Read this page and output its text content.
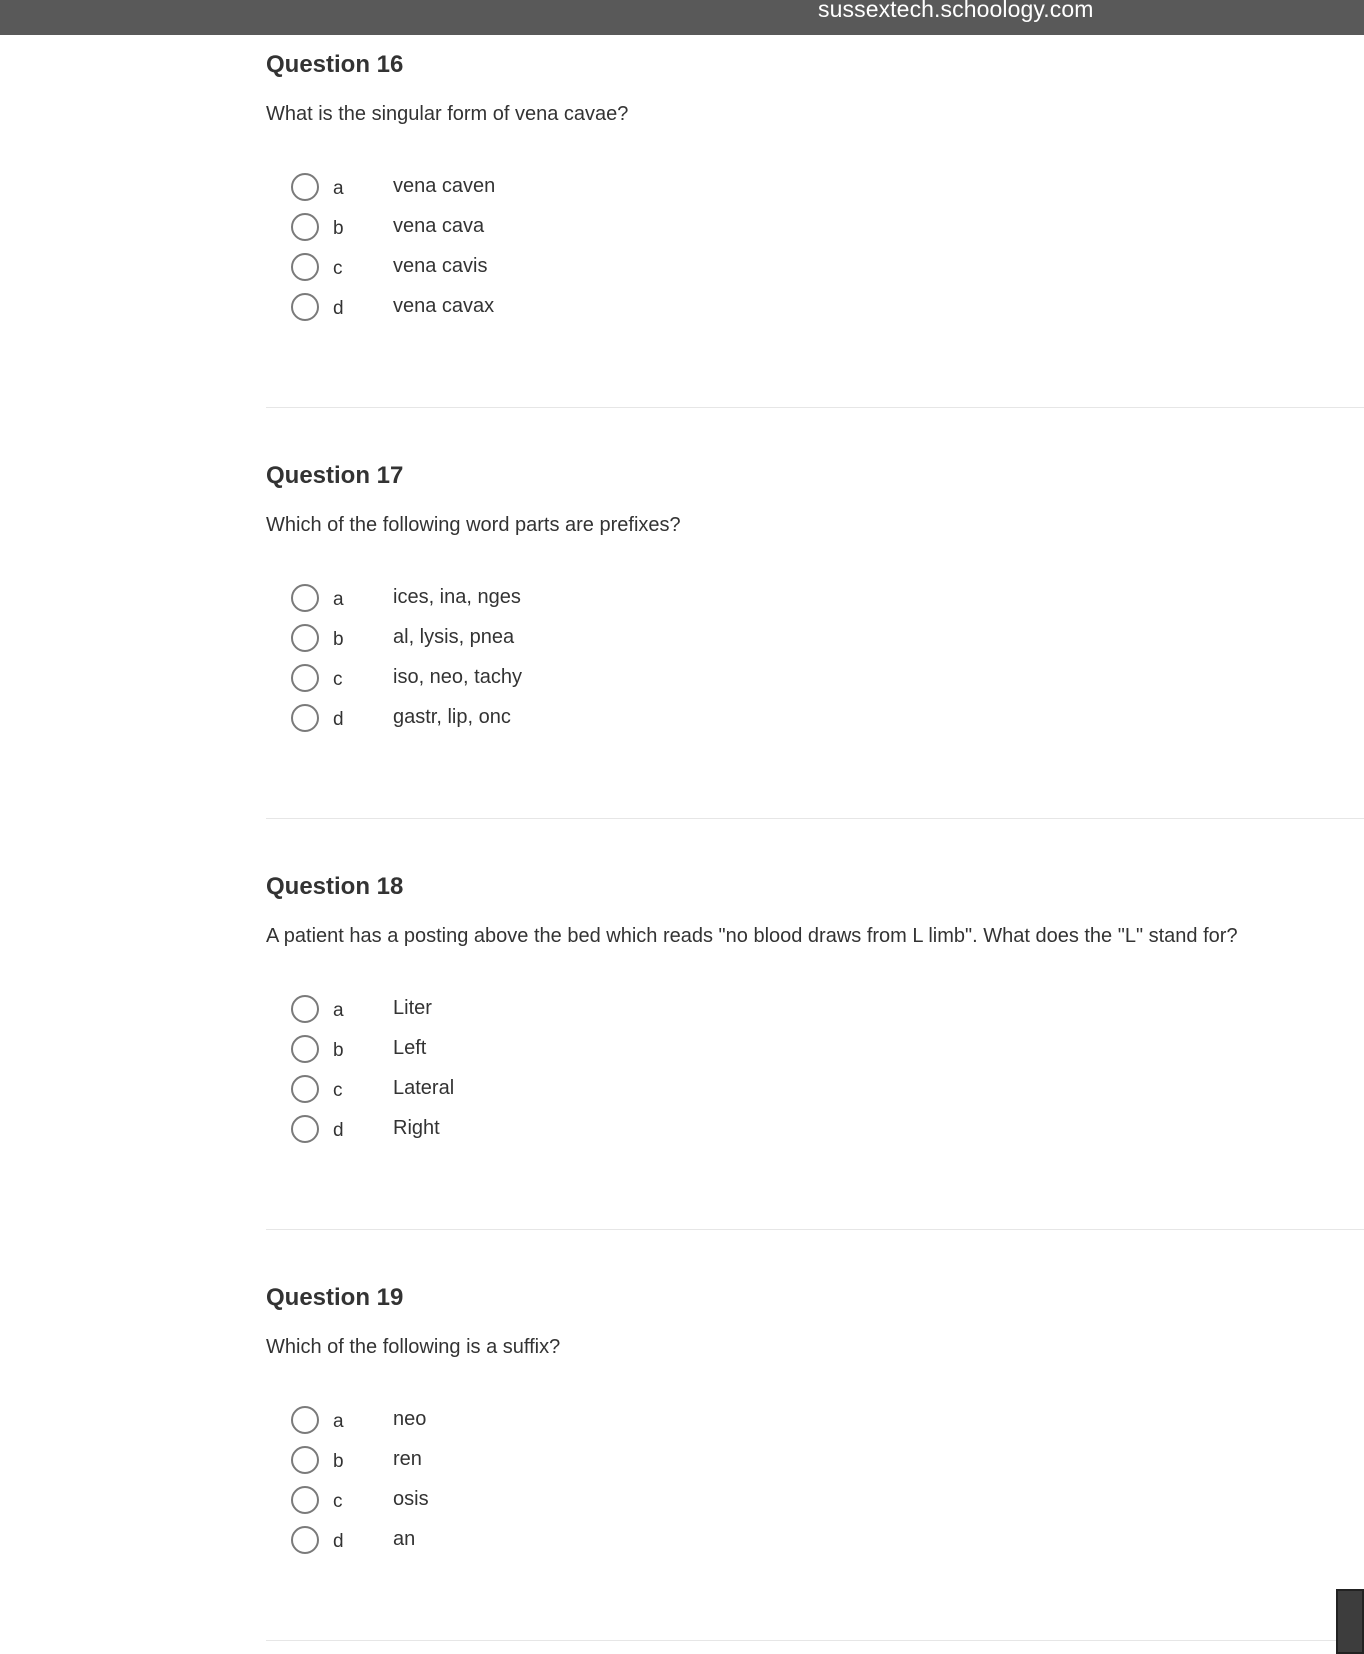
sussextech.schoology.com
Question 16
What is the singular form of vena cavae?
a vena caven
b vena cava
c	vena cavis
d vena cavax
Question 17
Which of the following word parts are prefixes?
a ices, ina, nges
b al, lysis, pnea
c	iso, neo, tachy
d gastr, lip, onc
Question 18
A patient has a posting above the bed which reads "no blood draws from L limb". What does the "L" stand for?
a Liter
b Left
c	Lateral
d Right
Question 19
Which of the following is a suffix?
a neo
b ren
c	osis
d an
